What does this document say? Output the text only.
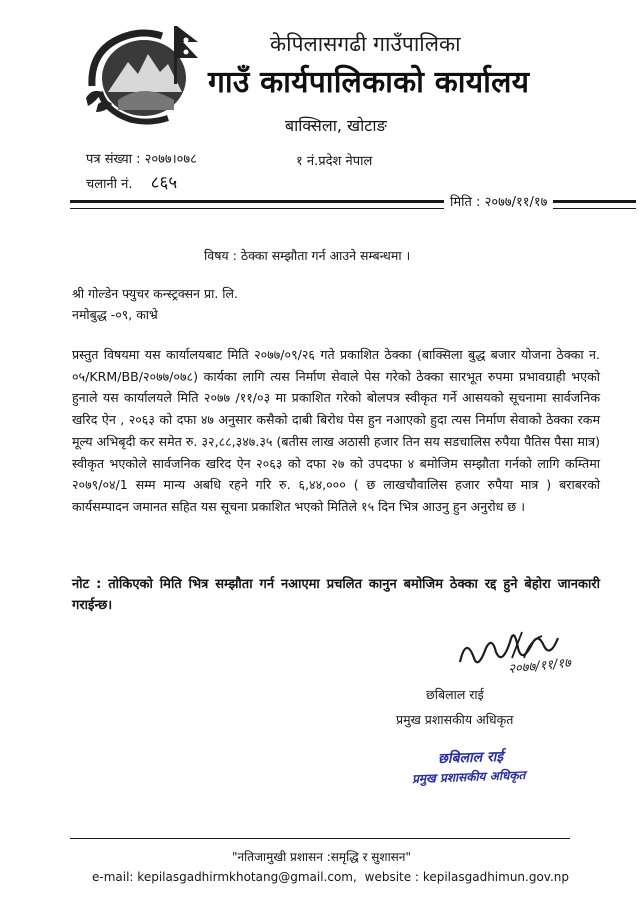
केपिलासगढी गाउँपालिका
गाउँ कार्यपालिकाको कार्यालय
बाक्सिला, खोटाङ
पत्र संख्या : २०७७।०७८
चलानी नं. ८६५
१ नं.प्रदेश नेपाल
मिति : २०७७/११/१७
विषय : ठेक्का सम्झौता गर्न आउने सम्बन्धमा ।
श्री गोल्डेन फ्युचर कन्स्ट्रक्सन प्रा. लि.
नमोबुद्ध -०९, काभ्रे
प्रस्तुत विषयमा यस कार्यालयबाट मिति २०७७/०९/२६ गते प्रकाशित ठेक्का (बाक्सिला बुद्ध बजार योजना ठेक्का न. ०५/KRM/BB/२०७७/०७८) कार्यका लागि त्यस निर्माण सेवाले पेस गरेको ठेक्का सारभूत रुपमा प्रभावग्राही भएको हुनाले यस कार्यालयले मिति २०७७ /११/०३ मा प्रकाशित गरेको बोलपत्र स्वीकृत गर्ने आसयको सूचनामा सार्वजनिक खरिद ऐन , २०६३ को दफा ४७ अनुसार कसैको दाबी बिरोध पेस हुन नआएको हुदा त्यस निर्माण सेवाको ठेक्का रकम मूल्य अभिबृदी कर समेत रु. ३२,८८,३४७.३५ (बतीस लाख अठासी हजार तिन सय सडचालिस रुपैया पैतिस पैसा मात्र) स्वीकृत भएकोले सार्वजनिक खरिद ऐन २०६३ को दफा २७ को उपदफा ४ बमोजिम सम्झौता गर्नको लागि कम्तिमा २०७९/०४/1 सम्म मान्य अबधि रहने गरि रु. ६,४४,००० ( छ लाखचौवालिस हजार रुपैया मात्र ) बराबरको कार्यसम्पादन जमानत सहित यस सूचना प्रकाशित भएको मितिले १५ दिन भित्र आउनु हुन अनुरोध छ ।
नोट : तोकिएको मिति भित्र सम्झौता गर्न नआएमा प्रचलित कानुन बमोजिम ठेक्का रद्द हुने बेहोरा जानकारी गराईन्छ।
२०७७/११/१७
छबिलाल राई
प्रमुख प्रशासकीय अधिकृत
छबिलाल राई
प्रमुख प्रशासकीय अधिकृत
"नतिजामुखी प्रशासन :समृद्धि र सुशासन"
e-mail: kepilasgadhirmkhotang@gmail.com, website : kepilasgadhimun.gov.np
